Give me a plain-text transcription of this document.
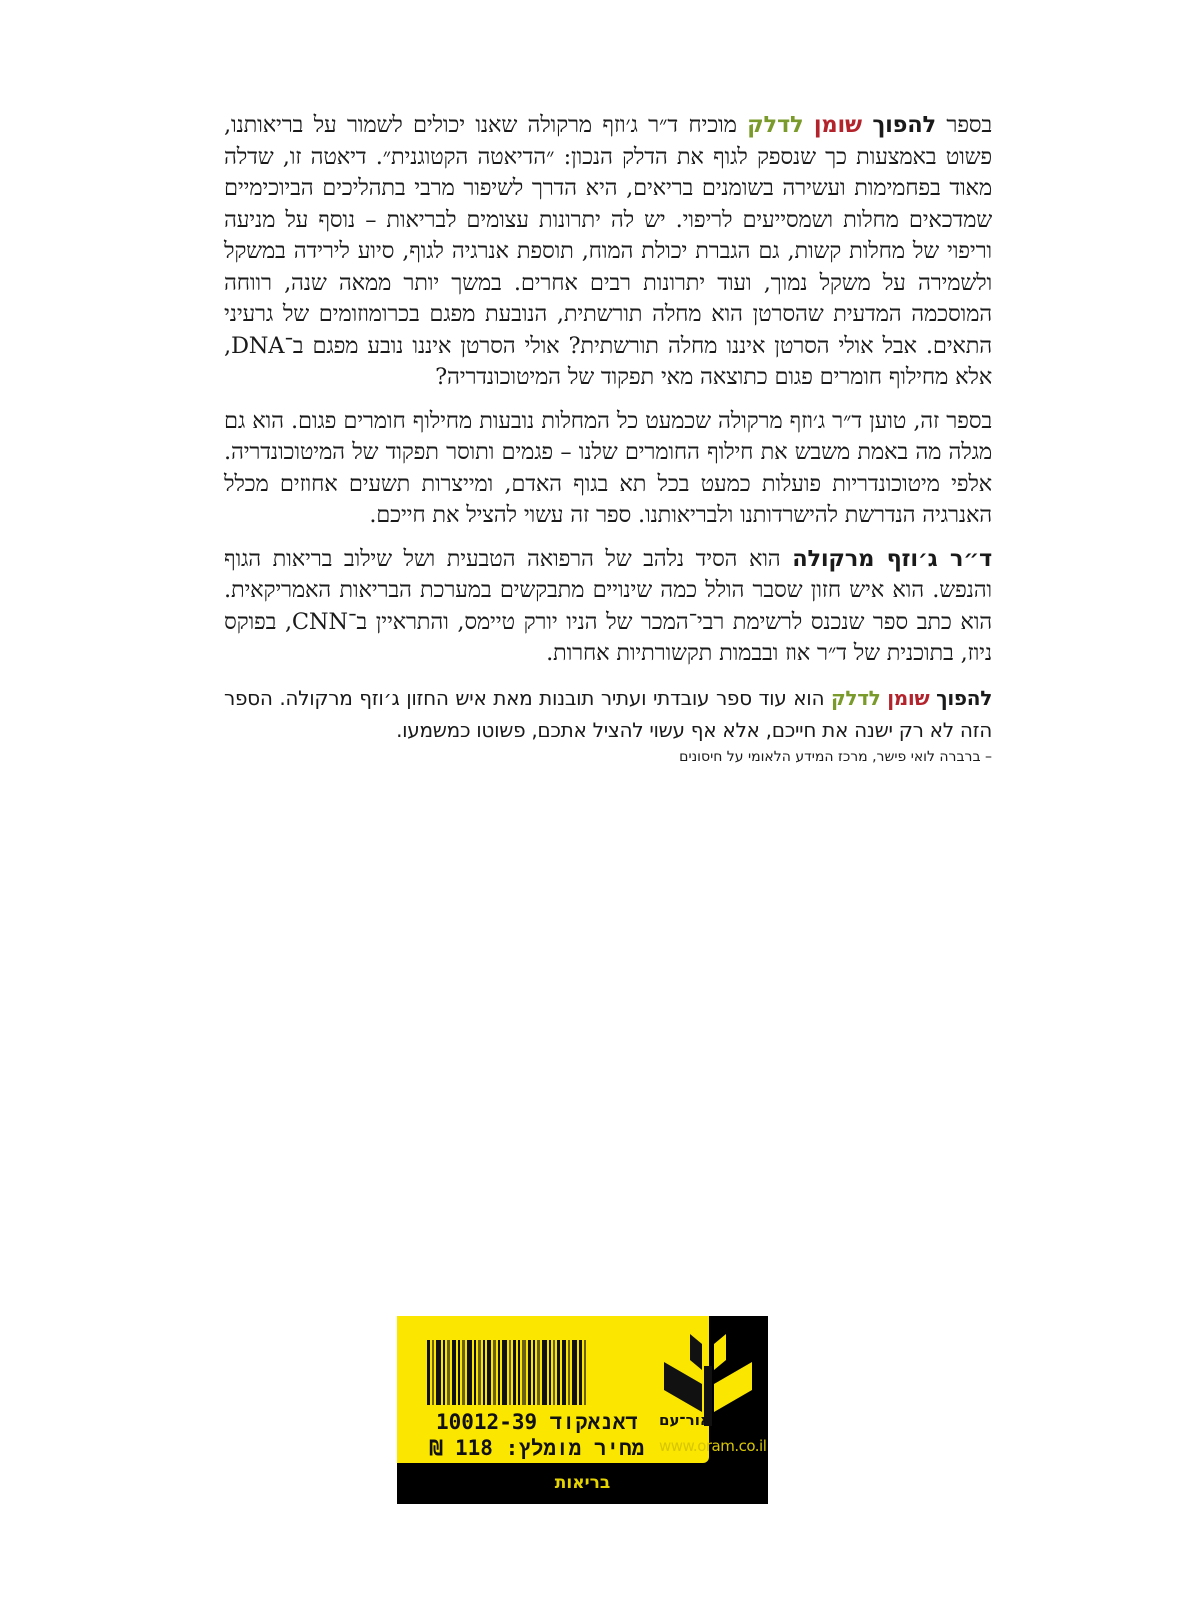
בספר להפוך שומן לדלק מוכיח ד״ר ג׳וזף מרקולה שאנו יכולים לשמור על בריאותנו, פשוט באמצעות כך שנספק לגוף את הדלק הנכון: ״הדיאטה הקטוגנית״. דיאטה זו, שדלה מאוד בפחמימות ועשירה בשומנים בריאים, היא הדרך לשיפור מרבי בתהליכים הביוכימיים שמדכאים מחלות ושמסייעים לריפוי. יש לה יתרונות עצומים לבריאות – נוסף על מניעה וריפוי של מחלות קשות, גם הגברת יכולת המוח, תוספת אנרגיה לגוף, סיוע לירידה במשקל ולשמירה על משקל נמוך, ועוד יתרונות רבים אחרים. במשך יותר ממאה שנה, רווחה המוסכמה המדעית שהסרטן הוא מחלה תורשתית, הנובעת מפגם בכרומוזומים של גרעיני התאים. אבל אולי הסרטן איננו מחלה תורשתית? אולי הסרטן איננו נובע מפגם ב־DNA, אלא מחילוף חומרים פגום כתוצאה מאי תפקוד של המיטוכונדריה?

בספר זה, טוען ד״ר ג׳וזף מרקולה שכמעט כל המחלות נובעות מחילוף חומרים פגום. הוא גם מגלה מה באמת משבש את חילוף החומרים שלנו – פגמים ותוסר תפקוד של המיטוכונדריה. אלפי מיטוכונדריות פועלות כמעט בכל תא בגוף האדם, ומייצרות תשעים אחוזים מכלל האנרגיה הנדרשת להישרדותנו ולבריאותנו. ספר זה עשוי להציל את חייכם.

ד״ר ג׳וזף מרקולה הוא הסיד נלהב של הרפואה הטבעית ושל שילוב בריאות הגוף והנפש. הוא איש חזון שסבר הולל כמה שינויים מתבקשים במערכת הבריאות האמריקאית. הוא כתב ספר שנכנס לרשימת רבי־המכר של הניו יורק טיימס, והתראיין ב־CNN, בפוקס ניוז, בתוכנית של ד״ר אוז ובבמות תקשורתיות אחרות.

להפוך שומן לדלק הוא עוד ספר עובדתי ועתיר תובנות מאת איש החזון ג׳וזף מרקולה. הספר הזה לא רק ישנה את חייכם, אלא אף עשוי להציל אתכם, פשוטו כמשמעו.

– ברברה לואי פישר, מרכז המידע הלאומי על חיסונים
דאנאקוד 10012-39
מחיר מומלץ: 118 ₪
אור־עם
www.oram.co.il
בריאות
